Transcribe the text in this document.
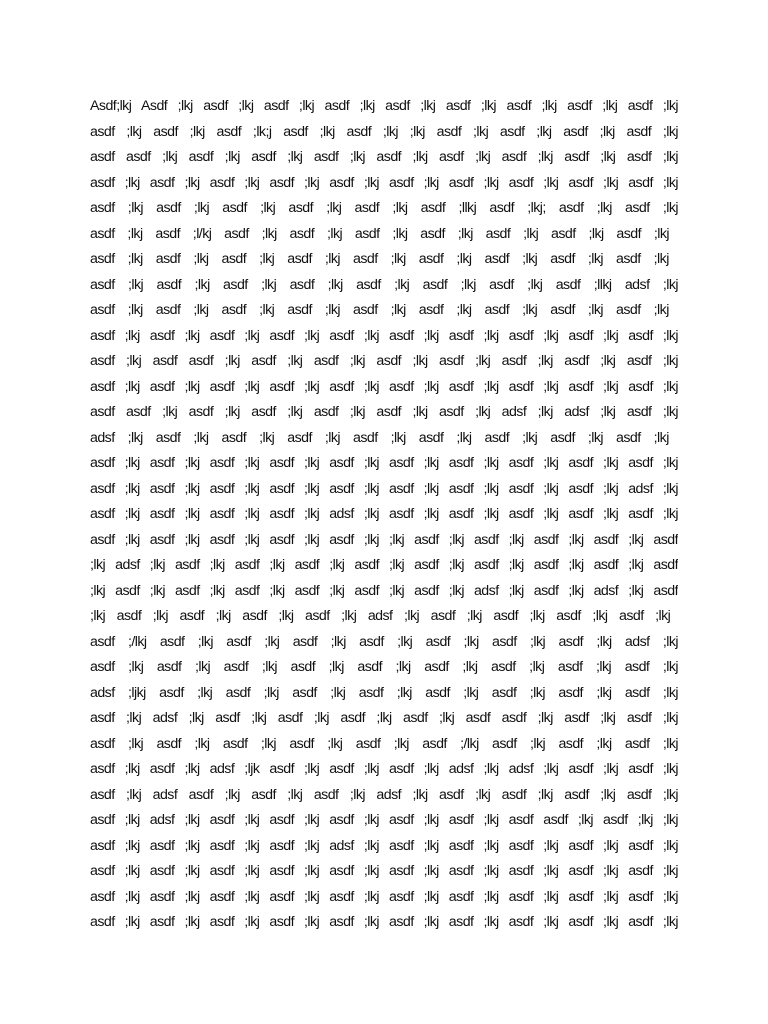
Asdf;lkj Asdf ;lkj asdf ;lkj asdf ;lkj asdf ;lkj asdf ;lkj asdf ;lkj asdf ;lkj asdf ;lkj asdf ;lkj
asdf ;lkj asdf ;lkj asdf ;lk;j asdf ;lkj asdf ;lkj ;lkj asdf ;lkj asdf ;lkj asdf ;lkj asdf ;lkj
asdf asdf ;lkj asdf ;lkj asdf ;lkj asdf ;lkj asdf ;lkj asdf ;lkj asdf ;lkj asdf ;lkj asdf ;lkj
asdf ;lkj asdf ;lkj asdf ;lkj asdf ;lkj asdf ;lkj asdf ;lkj asdf ;lkj asdf ;lkj asdf ;lkj asdf ;lkj
asdf ;lkj asdf ;lkj asdf ;lkj asdf ;lkj asdf ;lkj asdf ;llkj asdf ;lkj; asdf ;lkj asdf ;lkj
asdf ;lkj asdf ;l/kj asdf ;lkj asdf ;lkj asdf ;lkj asdf ;lkj asdf ;lkj asdf ;lkj asdf ;lkj
asdf ;lkj asdf ;lkj asdf ;lkj asdf ;lkj asdf ;lkj asdf ;lkj asdf ;lkj asdf ;lkj asdf ;lkj
asdf ;lkj asdf ;lkj asdf ;lkj asdf ;lkj asdf ;lkj asdf ;lkj asdf ;lkj asdf ;llkj adsf ;lkj
asdf ;lkj asdf ;lkj asdf ;lkj asdf ;lkj asdf ;lkj asdf ;lkj asdf ;lkj asdf ;lkj asdf ;lkj
asdf ;lkj asdf ;lkj asdf ;lkj asdf ;lkj asdf ;lkj asdf ;lkj asdf ;lkj asdf ;lkj asdf ;lkj asdf ;lkj
asdf ;lkj asdf asdf ;lkj asdf ;lkj asdf ;lkj asdf ;lkj asdf ;lkj asdf ;lkj asdf ;lkj asdf ;lkj
asdf ;lkj asdf ;lkj asdf ;lkj asdf ;lkj asdf ;lkj asdf ;lkj asdf ;lkj asdf ;lkj asdf ;lkj asdf ;lkj
asdf asdf ;lkj asdf ;lkj asdf ;lkj asdf ;lkj asdf ;lkj asdf ;lkj adsf ;lkj adsf ;lkj asdf ;lkj
adsf ;lkj asdf ;lkj asdf ;lkj asdf ;lkj asdf ;lkj asdf ;lkj asdf ;lkj asdf ;lkj asdf ;lkj
asdf ;lkj asdf ;lkj asdf ;lkj asdf ;lkj asdf ;lkj asdf ;lkj asdf ;lkj asdf ;lkj asdf ;lkj asdf ;lkj
asdf ;lkj asdf ;lkj asdf ;lkj asdf ;lkj asdf ;lkj asdf ;lkj asdf ;lkj asdf ;lkj asdf ;lkj adsf ;lkj
asdf ;lkj asdf ;lkj asdf ;lkj asdf ;lkj adsf ;lkj asdf ;lkj asdf ;lkj asdf ;lkj asdf ;lkj asdf ;lkj
asdf ;lkj asdf ;lkj asdf ;lkj asdf ;lkj asdf ;lkj ;lkj asdf ;lkj asdf ;lkj asdf ;lkj asdf ;lkj asdf
;lkj adsf ;lkj asdf ;lkj asdf ;lkj asdf ;lkj asdf ;lkj asdf ;lkj asdf ;lkj asdf ;lkj asdf ;lkj asdf
;lkj asdf ;lkj asdf ;lkj asdf ;lkj asdf ;lkj asdf ;lkj asdf ;lkj adsf ;lkj asdf ;lkj adsf ;lkj asdf
;lkj asdf ;lkj asdf ;lkj asdf ;lkj asdf ;lkj adsf ;lkj asdf ;lkj asdf ;lkj asdf ;lkj asdf ;lkj
asdf ;/lkj asdf ;lkj asdf ;lkj asdf ;lkj asdf ;lkj asdf ;lkj asdf ;lkj asdf ;lkj adsf ;lkj
asdf ;lkj asdf ;lkj asdf ;lkj asdf ;lkj asdf ;lkj asdf ;lkj asdf ;lkj asdf ;lkj asdf ;lkj
adsf ;ljkj asdf ;lkj asdf ;lkj asdf ;lkj asdf ;lkj asdf ;lkj asdf ;lkj asdf ;lkj asdf ;lkj
asdf ;lkj adsf ;lkj asdf ;lkj asdf ;lkj asdf ;lkj asdf ;lkj asdf asdf ;lkj asdf ;lkj asdf ;lkj
asdf ;lkj asdf ;lkj asdf ;lkj asdf ;lkj asdf ;lkj asdf ;/lkj asdf ;lkj asdf ;lkj asdf ;lkj
asdf ;lkj asdf ;lkj adsf ;ljk asdf ;lkj asdf ;lkj asdf ;lkj adsf ;lkj adsf ;lkj asdf ;lkj asdf ;lkj
asdf ;lkj adsf asdf ;lkj asdf ;lkj asdf ;lkj adsf ;lkj asdf ;lkj asdf ;lkj asdf ;lkj asdf ;lkj
asdf ;lkj adsf ;lkj asdf ;lkj asdf ;lkj asdf ;lkj asdf ;lkj asdf ;lkj asdf asdf ;lkj asdf ;lkj ;lkj
asdf ;lkj asdf ;lkj asdf ;lkj asdf ;lkj adsf ;lkj asdf ;lkj asdf ;lkj asdf ;lkj asdf ;lkj asdf ;lkj
asdf ;lkj asdf ;lkj asdf ;lkj asdf ;lkj asdf ;lkj asdf ;lkj asdf ;lkj asdf ;lkj asdf ;lkj asdf ;lkj
asdf ;lkj asdf ;lkj asdf ;lkj asdf ;lkj asdf ;lkj asdf ;lkj asdf ;lkj asdf ;lkj asdf ;lkj asdf ;lkj
asdf ;lkj asdf ;lkj asdf ;lkj asdf ;lkj asdf ;lkj asdf ;lkj asdf ;lkj asdf ;lkj asdf ;lkj asdf ;lkj
